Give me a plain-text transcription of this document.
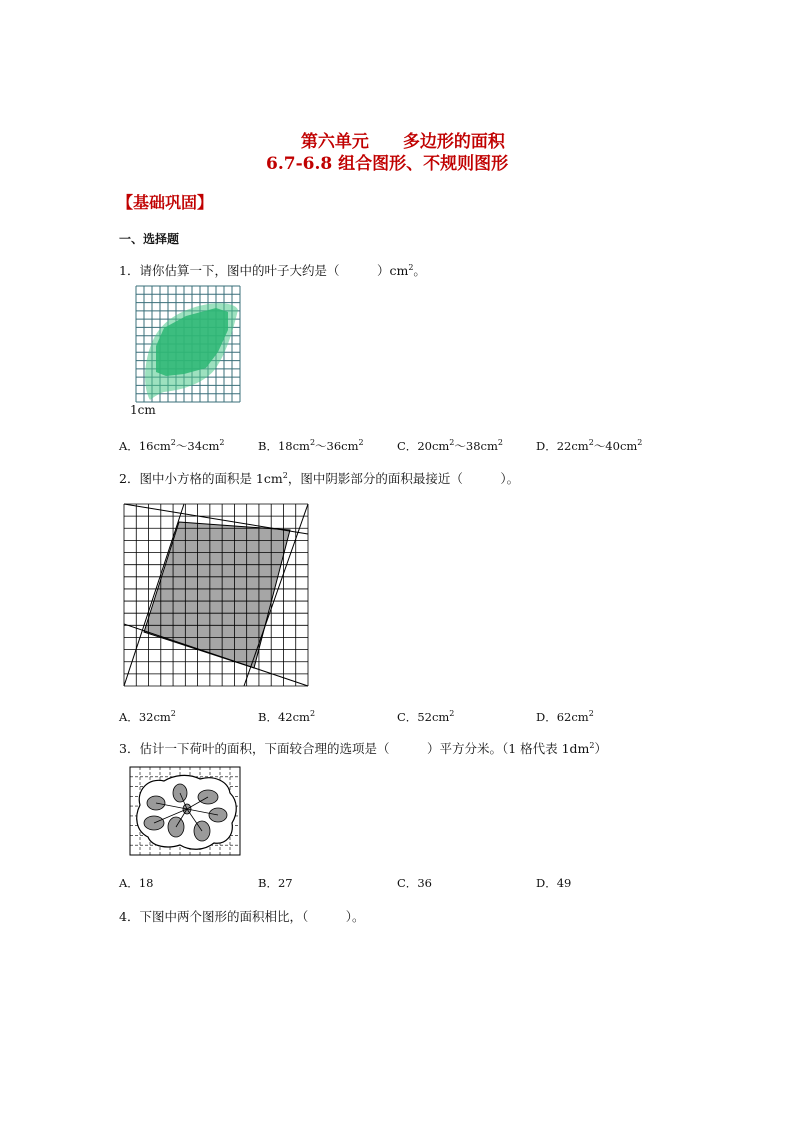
第六单元　　 多边形的面积

6.7-6.8 组合图形、不规则图形
【基础巩固】
一、选择题
1．请你估算一下，图中的叶子大约是（　　　）$cm^2$。
1cm
A．$16cm^2\sim 34cm^2$	B．$18cm^2\sim 36cm^2$	C．$20cm^2\sim 38cm^2$	D．$22cm^2\sim 40cm^2$
2．图中小方格的面积是 $1cm^2$，图中阴影部分的面积最接近（　　　）。
A．$32cm^2$	B．$42cm^2$	C．$52cm^2$	D．$62cm^2$
3．估计一下荷叶的面积，下面较合理的选项是（　　　）平方分米。（1 格代表 $1dm^2$）
A．18	B．27	C．36	D．49
4．下图中两个图形的面积相比，（　　　）。
